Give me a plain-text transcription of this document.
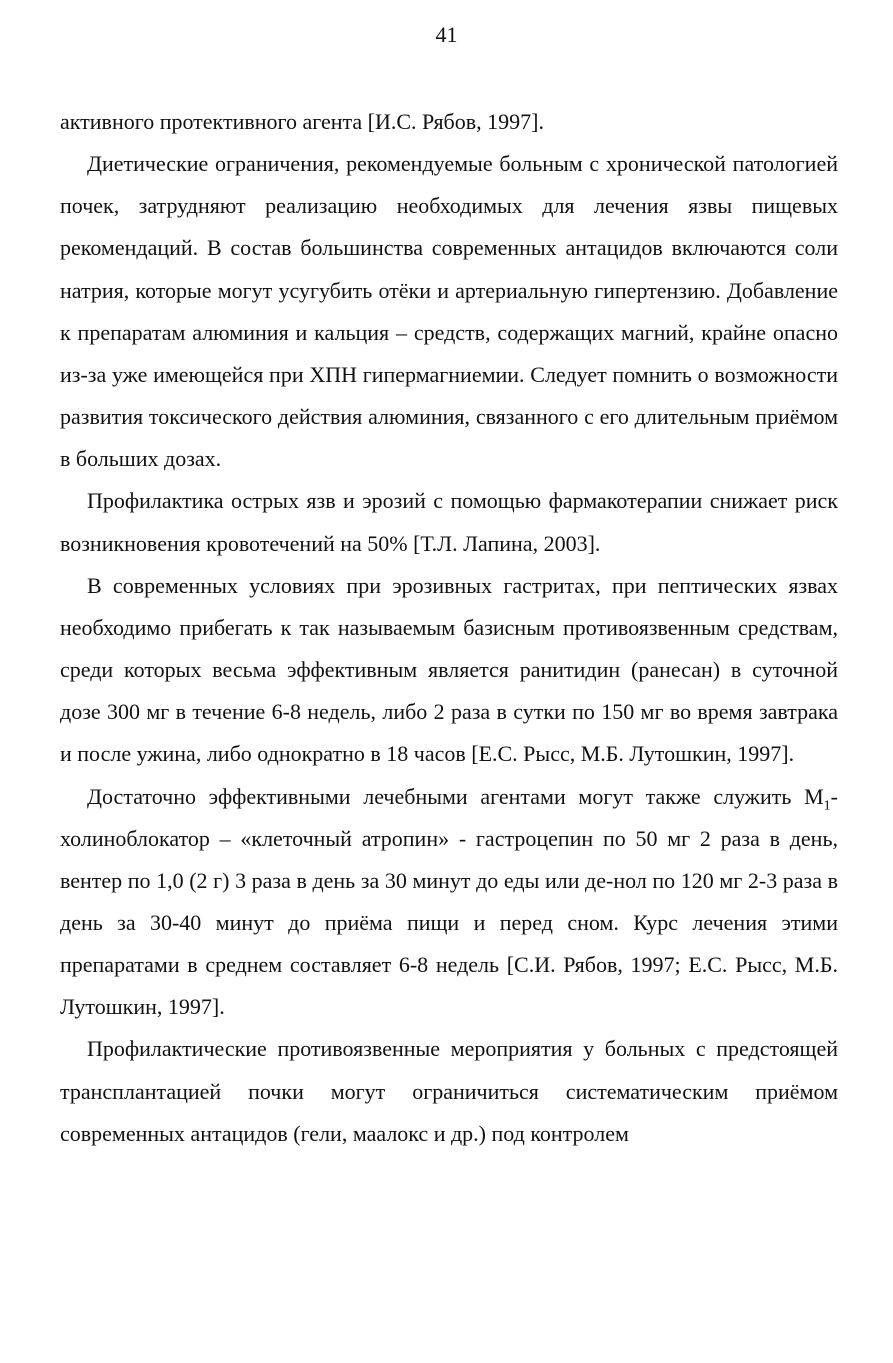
41

активного протективного агента [И.С. Рябов, 1997].

Диетические ограничения, рекомендуемые больным с хронической патологией почек, затрудняют реализацию необходимых для лечения язвы пищевых рекомендаций. В состав большинства современных антацидов включаются соли натрия, которые могут усугубить отёки и артериальную гипертензию. Добавление к препаратам алюминия и кальция – средств, содержащих магний, крайне опасно из-за уже имеющейся при ХПН гипермагниемии. Следует помнить о возможности развития токсического действия алюминия, связанного с его длительным приёмом в больших дозах.

Профилактика острых язв и эрозий с помощью фармакотерапии снижает риск возникновения кровотечений на 50% [Т.Л. Лапина, 2003].

В современных условиях при эрозивных гастритах, при пептических язвах необходимо прибегать к так называемым базисным противоязвенным средствам, среди которых весьма эффективным является ранитидин (ранесан) в суточной дозе 300 мг в течение 6-8 недель, либо 2 раза в сутки по 150 мг во время завтрака и после ужина, либо однократно в 18 часов [Е.С. Рысс, М.Б. Лутошкин, 1997].

Достаточно эффективными лечебными агентами могут также служить $М_1$-холиноблокатор – «клеточный атропин» - гастроцепин по 50 мг 2 раза в день, вентер по 1,0 (2 г) 3 раза в день за 30 минут до еды или де-нол по 120 мг 2-3 раза в день за 30-40 минут до приёма пищи и перед сном. Курс лечения этими препаратами в среднем составляет 6-8 недель [С.И. Рябов, 1997; Е.С. Рысс, М.Б. Лутошкин, 1997].

Профилактические противоязвенные мероприятия у больных с предстоящей трансплантацией почки могут ограничиться систематическим приёмом современных антацидов (гели, маалокс и др.) под контролем
